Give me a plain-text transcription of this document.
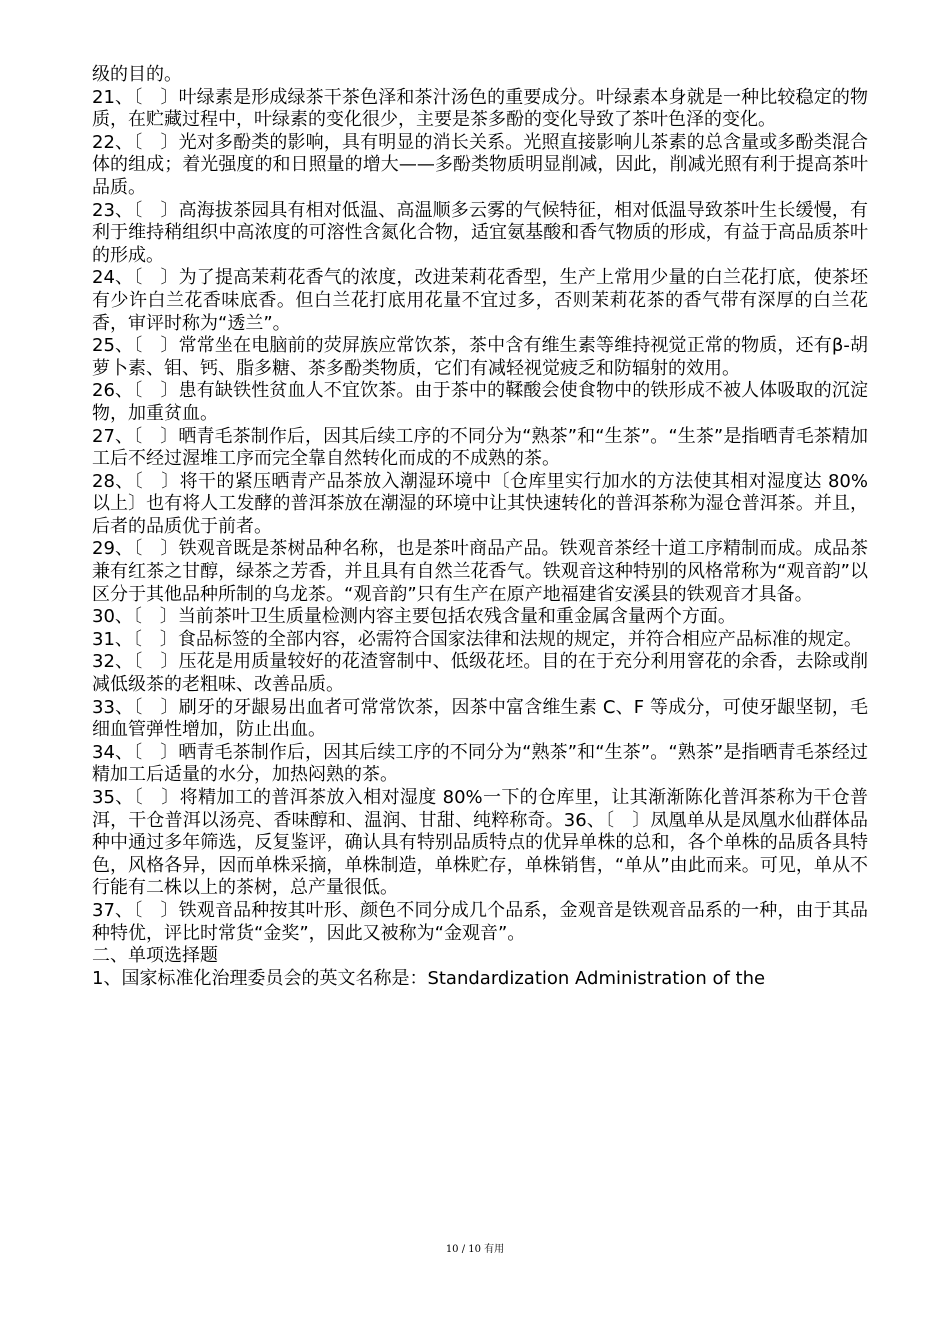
级的目的。

21、〔　〕叶绿素是形成绿茶干茶色泽和茶汁汤色的重要成分。叶绿素本身就是一种比较稳定的物质，在贮藏过程中，叶绿素的变化很少，主要是茶多酚的变化导致了茶叶色泽的变化。

22、〔　〕光对多酚类的影响，具有明显的消长关系。光照直接影响儿茶素的总含量或多酚类混合体的组成；着光强度的和日照量的增大——多酚类物质明显削减，因此，削减光照有利于提高茶叶品质。

23、〔　〕高海拔茶园具有相对低温、高温顺多云雾的气候特征，相对低温导致茶叶生长缓慢，有利于维持稍组织中高浓度的可溶性含氮化合物，适宜氨基酸和香气物质的形成，有益于高品质茶叶的形成。

24、〔　〕为了提高茉莉花香气的浓度，改进茉莉花香型，生产上常用少量的白兰花打底，使茶坯有少许白兰花香味底香。但白兰花打底用花量不宜过多，否则茉莉花茶的香气带有深厚的白兰花香，审评时称为“透兰”。

25、〔　〕常常坐在电脑前的荧屏族应常饮茶，茶中含有维生素等维持视觉正常的物质，还有β-胡萝卜素、钼、钙、脂多糖、茶多酚类物质，它们有减轻视觉疲乏和防辐射的效用。

26、〔　〕患有缺铁性贫血人不宜饮茶。由于茶中的鞣酸会使食物中的铁形成不被人体吸取的沉淀物，加重贫血。

27、〔　〕晒青毛茶制作后，因其后续工序的不同分为“熟茶”和“生茶”。“生茶”是指晒青毛茶精加工后不经过渥堆工序而完全靠自然转化而成的不成熟的茶。

28、〔　〕将干的紧压晒青产品茶放入潮湿环境中〔仓库里实行加水的方法使其相对湿度达 80%以上〕也有将人工发酵的普洱茶放在潮湿的环境中让其快速转化的普洱茶称为湿仓普洱茶。并且，后者的品质优于前者。

29、〔　〕铁观音既是茶树品种名称，也是茶叶商品产品。铁观音茶经十道工序精制而成。成品茶兼有红茶之甘醇，绿茶之芳香，并且具有自然兰花香气。铁观音这种特别的风格常称为“观音韵”以区分于其他品种所制的乌龙茶。“观音韵”只有生产在原产地福建省安溪县的铁观音才具备。

30、〔　〕当前茶叶卫生质量检测内容主要包括农残含量和重金属含量两个方面。

31、〔　〕食品标签的全部内容，必需符合国家法律和法规的规定，并符合相应产品标准的规定。

32、〔　〕压花是用质量较好的花渣窨制中、低级花坯。目的在于充分利用窨花的余香，去除或削减低级茶的老粗味、改善品质。

33、〔　〕刷牙的牙龈易出血者可常常饮茶，因茶中富含维生素 C、F 等成分，可使牙龈坚韧，毛细血管弹性增加，防止出血。

34、〔　〕晒青毛茶制作后，因其后续工序的不同分为“熟茶”和“生茶”。“熟茶”是指晒青毛茶经过精加工后适量的水分，加热闷熟的茶。

35、〔　〕将精加工的普洱茶放入相对湿度 80%一下的仓库里，让其渐渐陈化普洱茶称为干仓普洱，干仓普洱以汤亮、香味醇和、温润、甘甜、纯粹称奇。36、〔　〕凤凰单从是凤凰水仙群体品种中通过多年筛选，反复鉴评，确认具有特别品质特点的优异单株的总和，各个单株的品质各具特色，风格各异，因而单株采摘，单株制造，单株贮存，单株销售，“单从”由此而来。可见，单从不行能有二株以上的茶树，总产量很低。

37、〔　〕铁观音品种按其叶形、颜色不同分成几个品系，金观音是铁观音品系的一种，由于其品种特优，评比时常货“金奖”，因此又被称为“金观音”。

二、单项选择题

1、国家标准化治理委员会的英文名称是：Standardization Administration of the

10 / 10 有用
